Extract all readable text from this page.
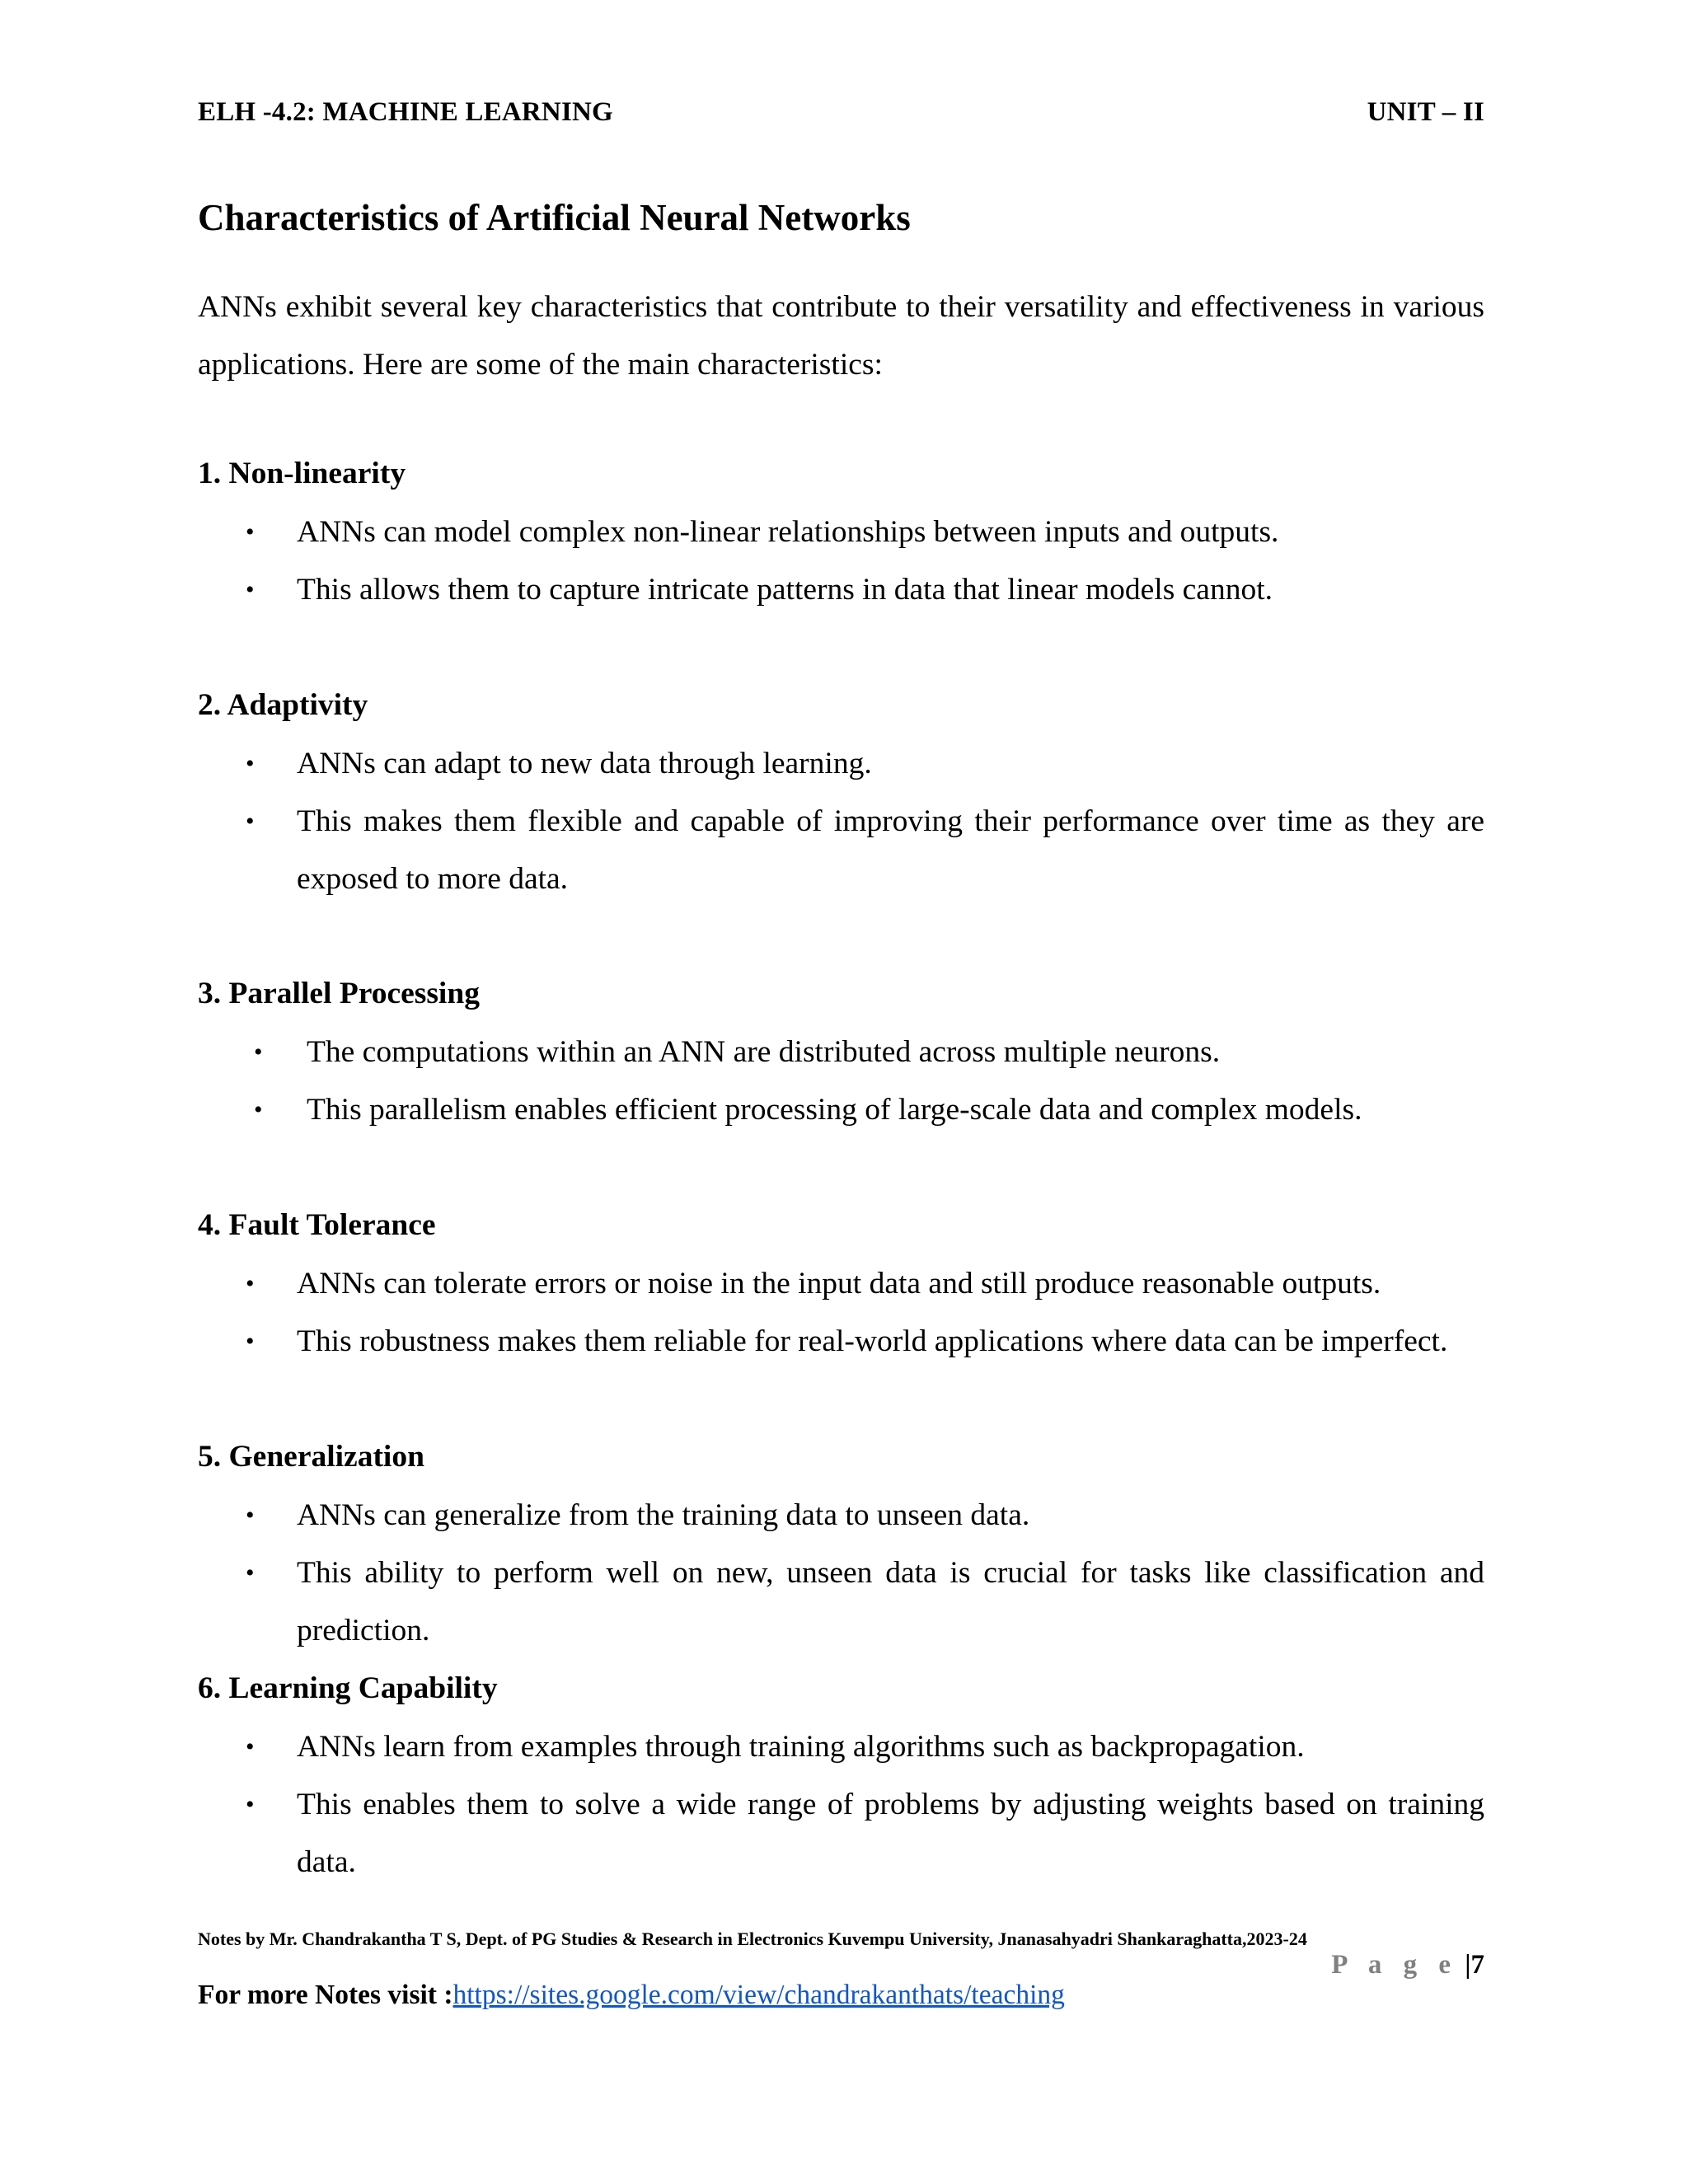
ELH -4.2: MACHINE LEARNING	UNIT – II
Characteristics of Artificial Neural Networks

ANNs exhibit several key characteristics that contribute to their versatility and effectiveness in various applications. Here are some of the main characteristics:

1. Non-linearity
• ANNs can model complex non-linear relationships between inputs and outputs.
• This allows them to capture intricate patterns in data that linear models cannot.
2. Adaptivity
• ANNs can adapt to new data through learning.
• This makes them flexible and capable of improving their performance over time as they are exposed to more data.
3. Parallel Processing
• The computations within an ANN are distributed across multiple neurons.
• This parallelism enables efficient processing of large-scale data and complex models.
4. Fault Tolerance
• ANNs can tolerate errors or noise in the input data and still produce reasonable outputs.
• This robustness makes them reliable for real-world applications where data can be imperfect.
5. Generalization
• ANNs can generalize from the training data to unseen data.
• This ability to perform well on new, unseen data is crucial for tasks like classification and prediction.
6. Learning Capability
• ANNs learn from examples through training algorithms such as backpropagation.
• This enables them to solve a wide range of problems by adjusting weights based on training data.
Notes by Mr. Chandrakantha T S, Dept. of PG Studies & Research in Electronics Kuvempu University, Jnanasahyadri Shankaraghatta,2023-24
P a g e |7
For more Notes visit :https://sites.google.com/view/chandrakanthats/teaching
